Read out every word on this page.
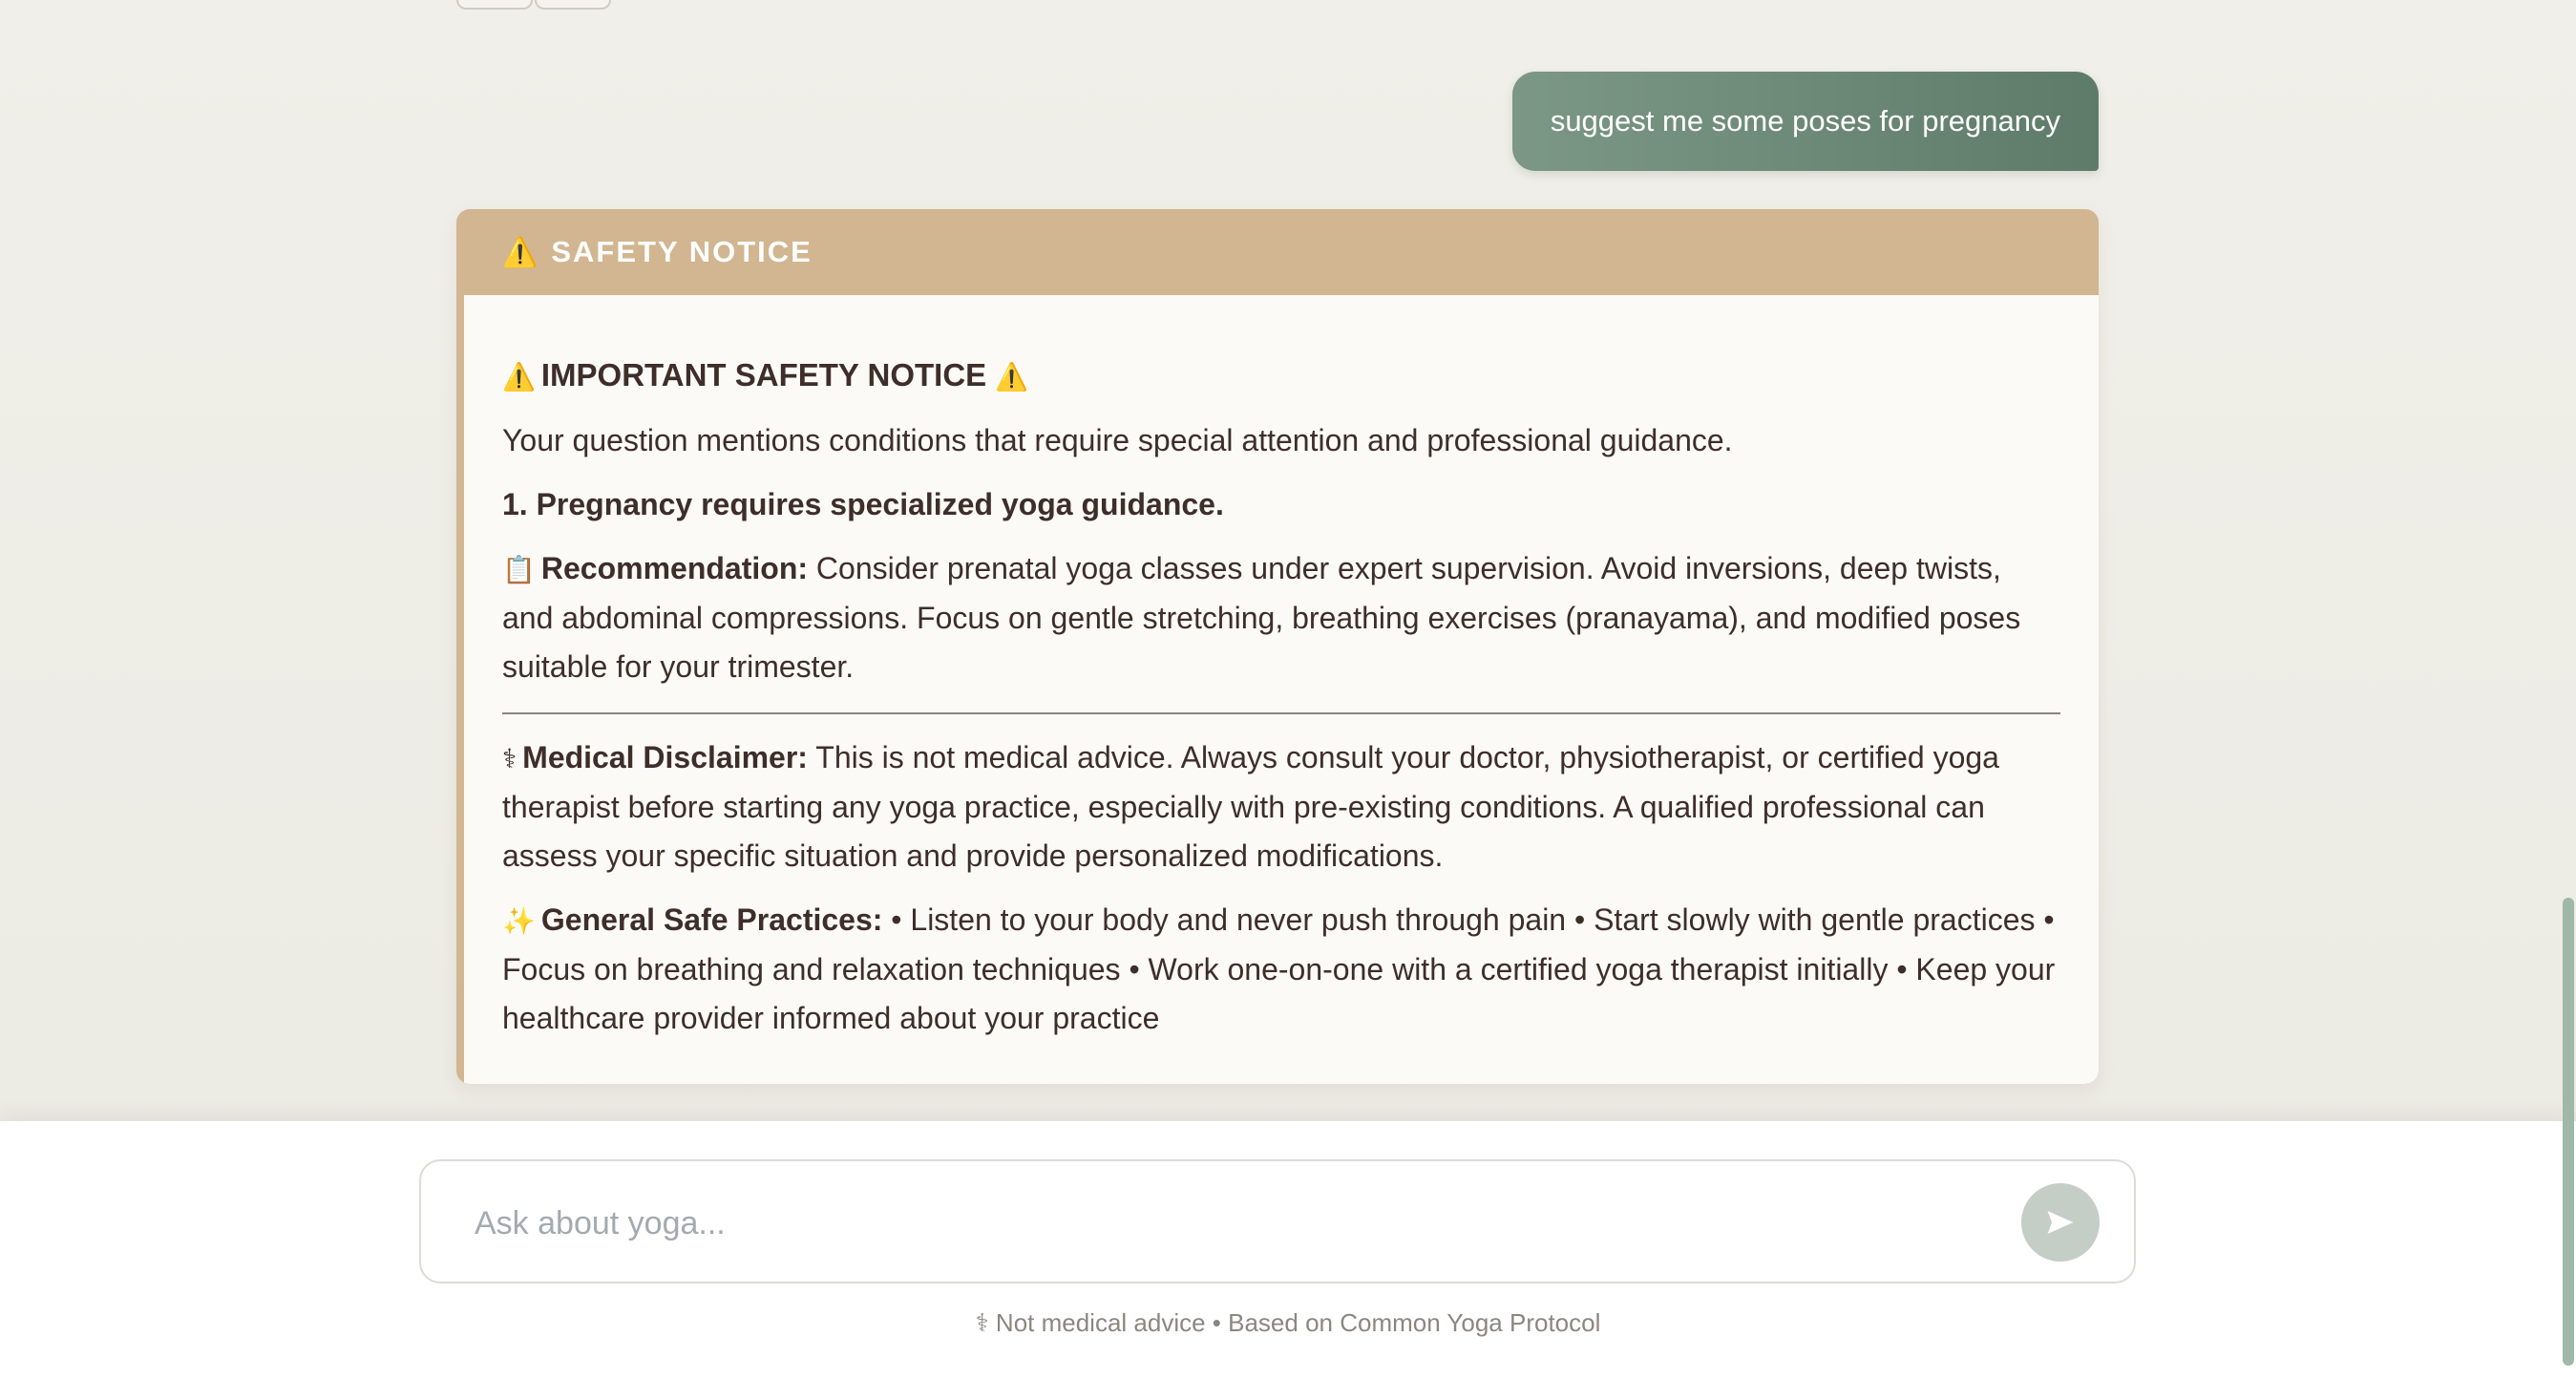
suggest me some poses for pregnancy
⚠️ SAFETY NOTICE

⚠️ IMPORTANT SAFETY NOTICE ⚠️

Your question mentions conditions that require special attention and professional guidance.

1. Pregnancy requires specialized yoga guidance.

📋 Recommendation: Consider prenatal yoga classes under expert supervision. Avoid inversions, deep twists, and abdominal compressions. Focus on gentle stretching, breathing exercises (pranayama), and modified poses suitable for your trimester.

⚕ Medical Disclaimer: This is not medical advice. Always consult your doctor, physiotherapist, or certified yoga therapist before starting any yoga practice, especially with pre-existing conditions. A qualified professional can assess your specific situation and provide personalized modifications.

✨ General Safe Practices: • Listen to your body and never push through pain • Start slowly with gentle practices • Focus on breathing and relaxation techniques • Work one-on-one with a certified yoga therapist initially • Keep your healthcare provider informed about your practice

Ask about yoga...
⚕ Not medical advice • Based on Common Yoga Protocol
